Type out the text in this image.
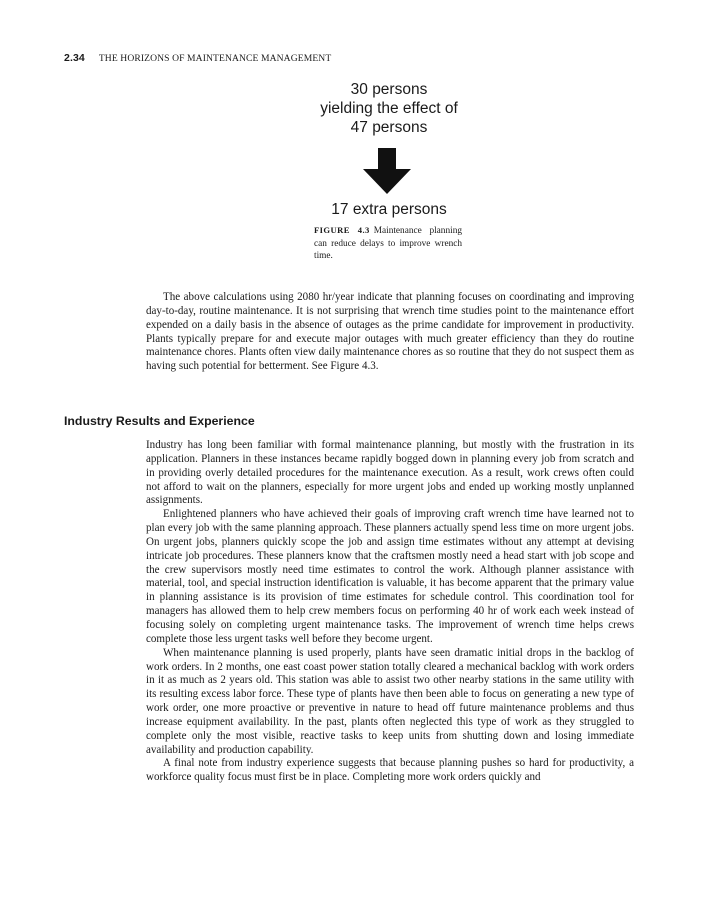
2.34 THE HORIZONS OF MAINTENANCE MANAGEMENT
30 persons
yielding the effect of
47 persons
17 extra persons
FIGURE 4.3 Maintenance planning can reduce delays to improve wrench time.

The above calculations using 2080 hr/year indicate that planning focuses on coordinating and improving day-to-day, routine maintenance. It is not surprising that wrench time studies point to the maintenance effort expended on a daily basis in the absence of outages as the prime candidate for improvement in productivity. Plants typically prepare for and execute major outages with much greater efficiency than they do routine maintenance chores. Plants often view daily maintenance chores as so routine that they do not suspect them as having such potential for betterment. See Figure 4.3.

Industry Results and Experience

Industry has long been familiar with formal maintenance planning, but mostly with the frustration in its application. Planners in these instances became rapidly bogged down in planning every job from scratch and in providing overly detailed procedures for the maintenance execution. As a result, work crews often could not afford to wait on the planners, especially for more urgent jobs and ended up working mostly unplanned assignments.

Enlightened planners who have achieved their goals of improving craft wrench time have learned not to plan every job with the same planning approach. These planners actually spend less time on more urgent jobs. On urgent jobs, planners quickly scope the job and assign time estimates without any attempt at devising intricate job procedures. These planners know that the craftsmen mostly need a head start with job scope and the crew supervisors mostly need time estimates to control the work. Although planner assistance with material, tool, and special instruction identification is valuable, it has become apparent that the primary value in planning assistance is its provision of time estimates for schedule control. This coordination tool for managers has allowed them to help crew members focus on performing 40 hr of work each week instead of focusing solely on completing urgent maintenance tasks. The improvement of wrench time helps crews complete those less urgent tasks well before they become urgent.

When maintenance planning is used properly, plants have seen dramatic initial drops in the backlog of work orders. In 2 months, one east coast power station totally cleared a mechanical backlog with work orders in it as much as 2 years old. This station was able to assist two other nearby stations in the same utility with its resulting excess labor force. These type of plants have then been able to focus on generating a new type of work order, one more proactive or preventive in nature to head off future maintenance problems and thus increase equipment availability. In the past, plants often neglected this type of work as they struggled to complete only the most visible, reactive tasks to keep units from shutting down and losing immediate availability and production capability.

A final note from industry experience suggests that because planning pushes so hard for productivity, a workforce quality focus must first be in place. Completing more work orders quickly and
